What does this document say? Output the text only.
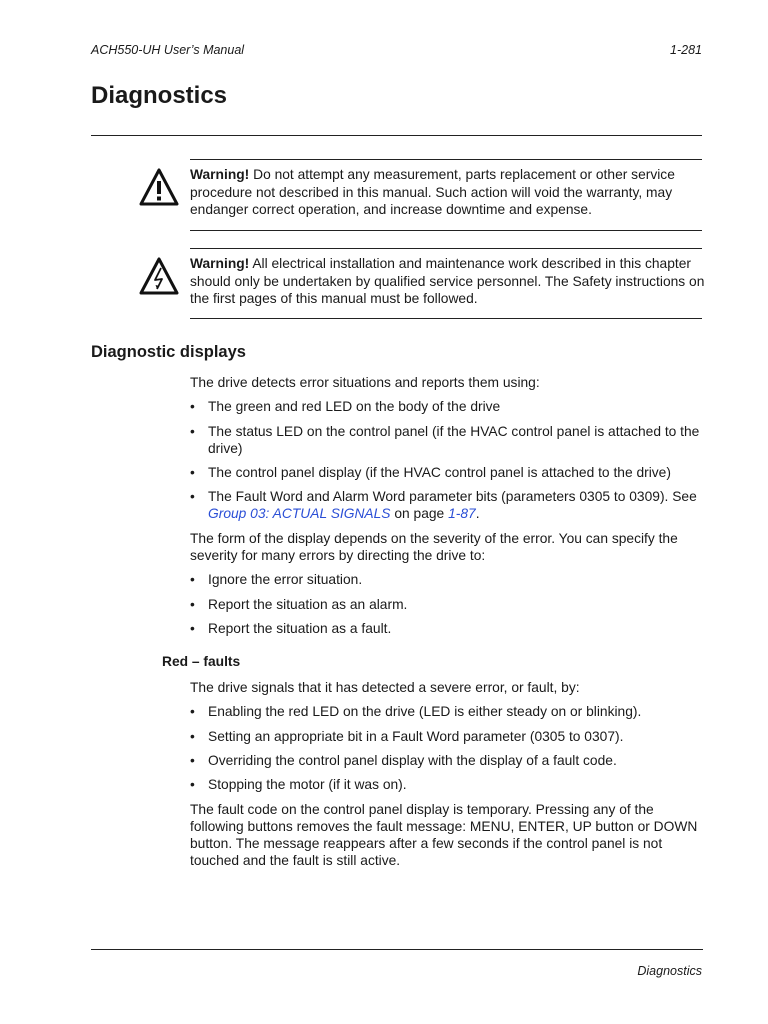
ACH550-UH User’s Manual	1-281
Diagnostics
Warning! Do not attempt any measurement, parts replacement or other service procedure not described in this manual. Such action will void the warranty, may endanger correct operation, and increase downtime and expense.
Warning! All electrical installation and maintenance work described in this chapter should only be undertaken by qualified service personnel. The Safety instructions on the first pages of this manual must be followed.
Diagnostic displays
The drive detects error situations and reports them using:
• The green and red LED on the body of the drive
• The status LED on the control panel (if the HVAC control panel is attached to the drive)
• The control panel display (if the HVAC control panel is attached to the drive)
• The Fault Word and Alarm Word parameter bits (parameters 0305 to 0309). See Group 03: ACTUAL SIGNALS on page 1-87.
The form of the display depends on the severity of the error. You can specify the severity for many errors by directing the drive to:
• Ignore the error situation.
• Report the situation as an alarm.
• Report the situation as a fault.
Red – faults
The drive signals that it has detected a severe error, or fault, by:
• Enabling the red LED on the drive (LED is either steady on or blinking).
• Setting an appropriate bit in a Fault Word parameter (0305 to 0307).
• Overriding the control panel display with the display of a fault code.
• Stopping the motor (if it was on).
The fault code on the control panel display is temporary. Pressing any of the following buttons removes the fault message: MENU, ENTER, UP button or DOWN button. The message reappears after a few seconds if the control panel is not touched and the fault is still active.
Diagnostics
